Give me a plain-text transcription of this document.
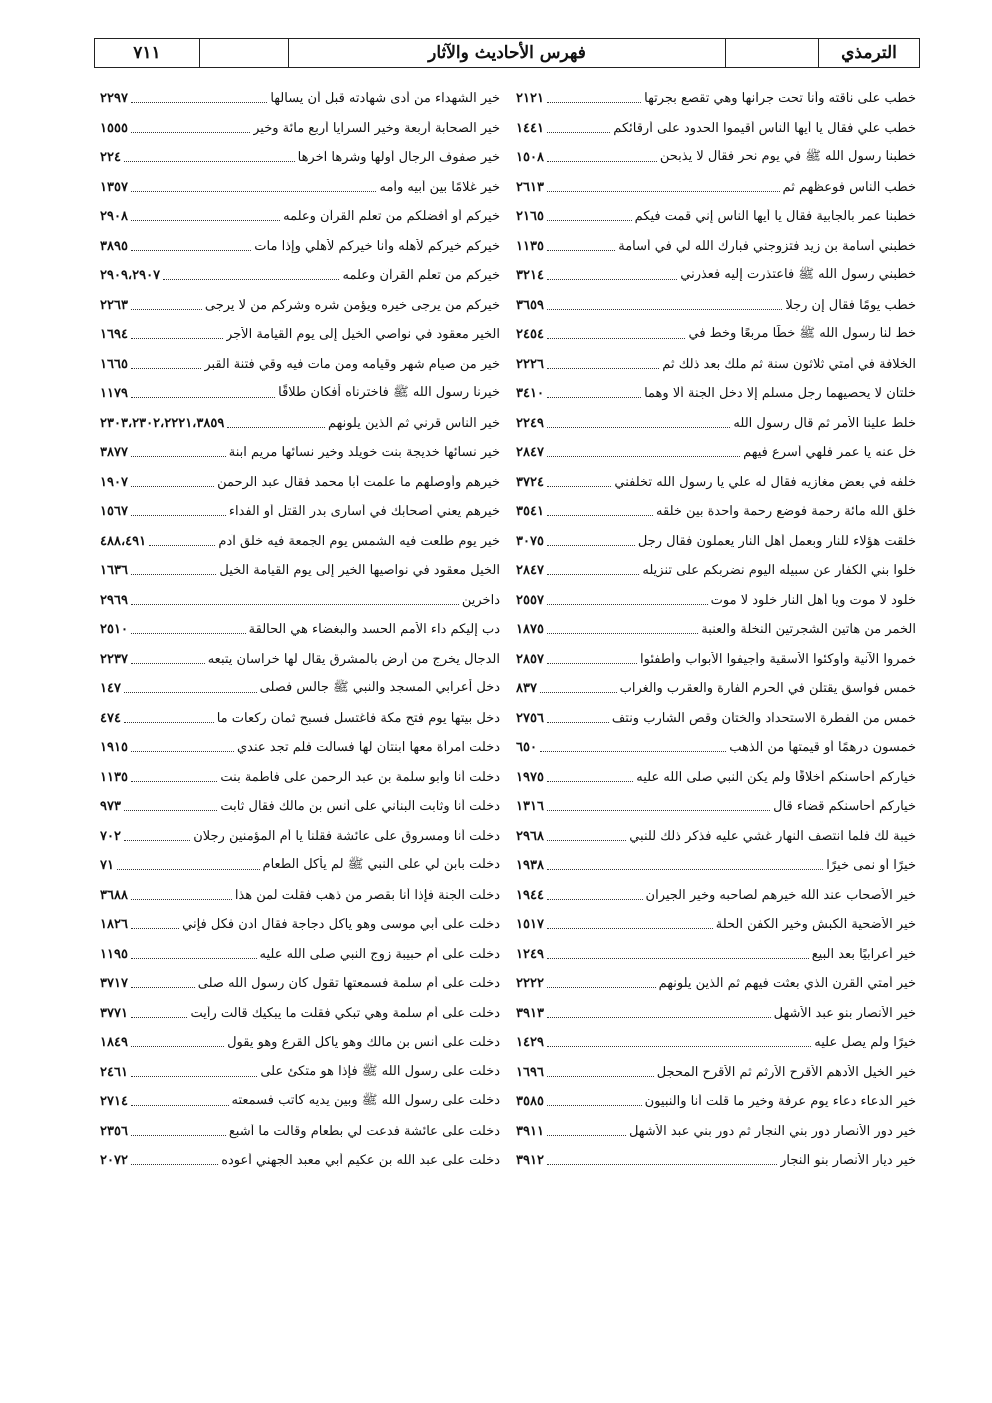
الترمذي
فهرس الأحاديث والآثار
٧١١
خطب على ناقته وأنا تحت جرانها وهي تقصع بجرتها
٢١٢١
خطب علي فقال يا أيها الناس أقيموا الحدود على أرقائكم
١٤٤١
خطبنا رسول الله ﷺ في يوم نحر فقال لا يذبحن
١٥٠٨
خطب الناس فوعظهم ثم
٢٦١٣
خطبنا عمر بالجابية فقال يا أيها الناس إني قمت فيكم
٢١٦٥
خطبني أسامة بن زيد فتزوجني فبارك الله لي في أسامة
١١٣٥
خطبني رسول الله ﷺ فاعتذرت إليه فعذرني
٣٢١٤
خطب يومًا فقال إن رجلا
٣٦٥٩
خط لنا رسول الله ﷺ خطًا مربعًا وخط في
٢٤٥٤
الخلافة في أمتي ثلاثون سنة ثم ملك بعد ذلك ثم
٢٢٢٦
خلتان لا يحصيهما رجل مسلم إلا دخل الجنة ألا وهما
٣٤١٠
خلط علينا الأمر ثم قال رسول الله
٢٢٤٩
خل عنه يا عمر فلهي أسرع فيهم
٢٨٤٧
خلفه في بعض مغازيه فقال له علي يا رسول الله تخلفني
٣٧٢٤
خلق الله مائة رحمة فوضع رحمة واحدة بين خلقه
٣٥٤١
خلقت هؤلاء للنار وبعمل أهل النار يعملون فقال رجل
٣٠٧٥
خلوا بني الكفار عن سبيله اليوم نضربكم على تنزيله
٢٨٤٧
خلود لا موت ويا أهل النار خلود لا موت
٢٥٥٧
الخمر من هاتين الشجرتين النخلة والعنبة
١٨٧٥
خمروا الآنية وأوكئوا الأسقية وأجيفوا الأبواب وأطفئوا
٢٨٥٧
خمس فواسق يقتلن في الحرم الفأرة والعقرب والغراب
٨٣٧
خمس من الفطرة الاستحداد والختان وقص الشارب ونتف
٢٧٥٦
خمسون درهمًا أو قيمتها من الذهب
٦٥٠
خياركم أحاسنكم أخلاقًا ولم يكن النبي صلى الله عليه
١٩٧٥
خياركم أحاسنكم قضاء قال
١٣١٦
خيبة لك فلما انتصف النهار غشي عليه فذكر ذلك للنبي
٢٩٦٨
خيرًا أو نمى خيرًا
١٩٣٨
خير الأصحاب عند الله خيرهم لصاحبه وخير الجيران
١٩٤٤
خير الأضحية الكبش وخير الكفن الحلة
١٥١٧
خير أعرابيًا بعد البيع
١٢٤٩
خير أمتي القرن الذي بعثت فيهم ثم الذين يلونهم
٢٢٢٢
خير الأنصار بنو عبد الأشهل
٣٩١٣
خيرًا ولم يصل عليه
١٤٢٩
خير الخيل الأدهم الأقرح الأرثم ثم الأقرح المحجل
١٦٩٦
خير الدعاء دعاء يوم عرفة وخير ما قلت أنا والنبيون
٣٥٨٥
خير دور الأنصار دور بني النجار ثم دور بني عبد الأشهل
٣٩١١
خير ديار الأنصار بنو النجار
٣٩١٢
خير الشهداء من أدى شهادته قبل أن يسألها
٢٢٩٧
خير الصحابة أربعة وخير السرايا أربع مائة وخير
١٥٥٥
خير صفوف الرجال أولها وشرها آخرها
٢٢٤
خير غلامًا بين أبيه وأمه
١٣٥٧
خيركم أو أفضلكم من تعلم القرآن وعلمه
٢٩٠٨
خيركم خيركم لأهله وأنا خيركم لأهلي وإذا مات
٣٨٩٥
خيركم من تعلم القرآن وعلمه
٢٩٠٩،٢٩٠٧
خيركم من يرجى خيره ويؤمن شره وشركم من لا يرجى
٢٢٦٣
الخير معقود في نواصي الخيل إلى يوم القيامة الأجر
١٦٩٤
خير من صيام شهر وقيامه ومن مات فيه وقي فتنة القبر
١٦٦٥
خيرنا رسول الله ﷺ فاخترناه أفكان طلاقًا
١١٧٩
خير الناس قرني ثم الذين يلونهم
٢٣٠٣،٢٣٠٢،٢٢٢١،٣٨٥٩
خير نسائها خديجة بنت خويلد وخير نسائها مريم ابنة
٣٨٧٧
خيرهم وأوصلهم ما علمت أبا محمد فقال عبد الرحمن
١٩٠٧
خيرهم يعني أصحابك في أسارى بدر القتل أو الفداء
١٥٦٧
خير يوم طلعت فيه الشمس يوم الجمعة فيه خلق آدم
٤٨٨،٤٩١
الخيل معقود في نواصيها الخير إلى يوم القيامة الخيل
١٦٣٦
داخرين
٢٩٦٩
دب إليكم داء الأمم الحسد والبغضاء هي الحالقة
٢٥١٠
الدجال يخرج من أرض بالمشرق يقال لها خراسان يتبعه
٢٢٣٧
دخل أعرابي المسجد والنبي ﷺ جالس فصلى
١٤٧
دخل بيتها يوم فتح مكة فاغتسل فسبح ثمان ركعات ما
٤٧٤
دخلت امرأة معها ابنتان لها فسألت فلم تجد عندي
١٩١٥
دخلت أنا وأبو سلمة بن عبد الرحمن على فاطمة بنت
١١٣٥
دخلت أنا وثابت البناني على أنس بن مالك فقال ثابت
٩٧٣
دخلت أنا ومسروق على عائشة فقلنا يا أم المؤمنين رجلان
٧٠٢
دخلت بابن لي على النبي ﷺ لم يأكل الطعام
٧١
دخلت الجنة فإذا أنا بقصر من ذهب فقلت لمن هذا
٣٦٨٨
دخلت على أبي موسى وهو يأكل دجاجة فقال ادن فكل فإني
١٨٢٦
دخلت على أم حبيبة زوج النبي صلى الله عليه
١١٩٥
دخلت على أم سلمة فسمعتها تقول كان رسول الله صلى
٣٧١٧
دخلت على أم سلمة وهي تبكي فقلت ما يبكيك قالت رأيت
٣٧٧١
دخلت على أنس بن مالك وهو يأكل القرع وهو يقول
١٨٤٩
دخلت على رسول الله ﷺ فإذا هو متكئ على
٢٤٦١
دخلت على رسول الله ﷺ وبين يديه كاتب فسمعته
٢٧١٤
دخلت على عائشة فدعت لي بطعام وقالت ما أشبع
٢٣٥٦
دخلت على عبد الله بن عكيم أبي معبد الجهني أعوده
٢٠٧٢
